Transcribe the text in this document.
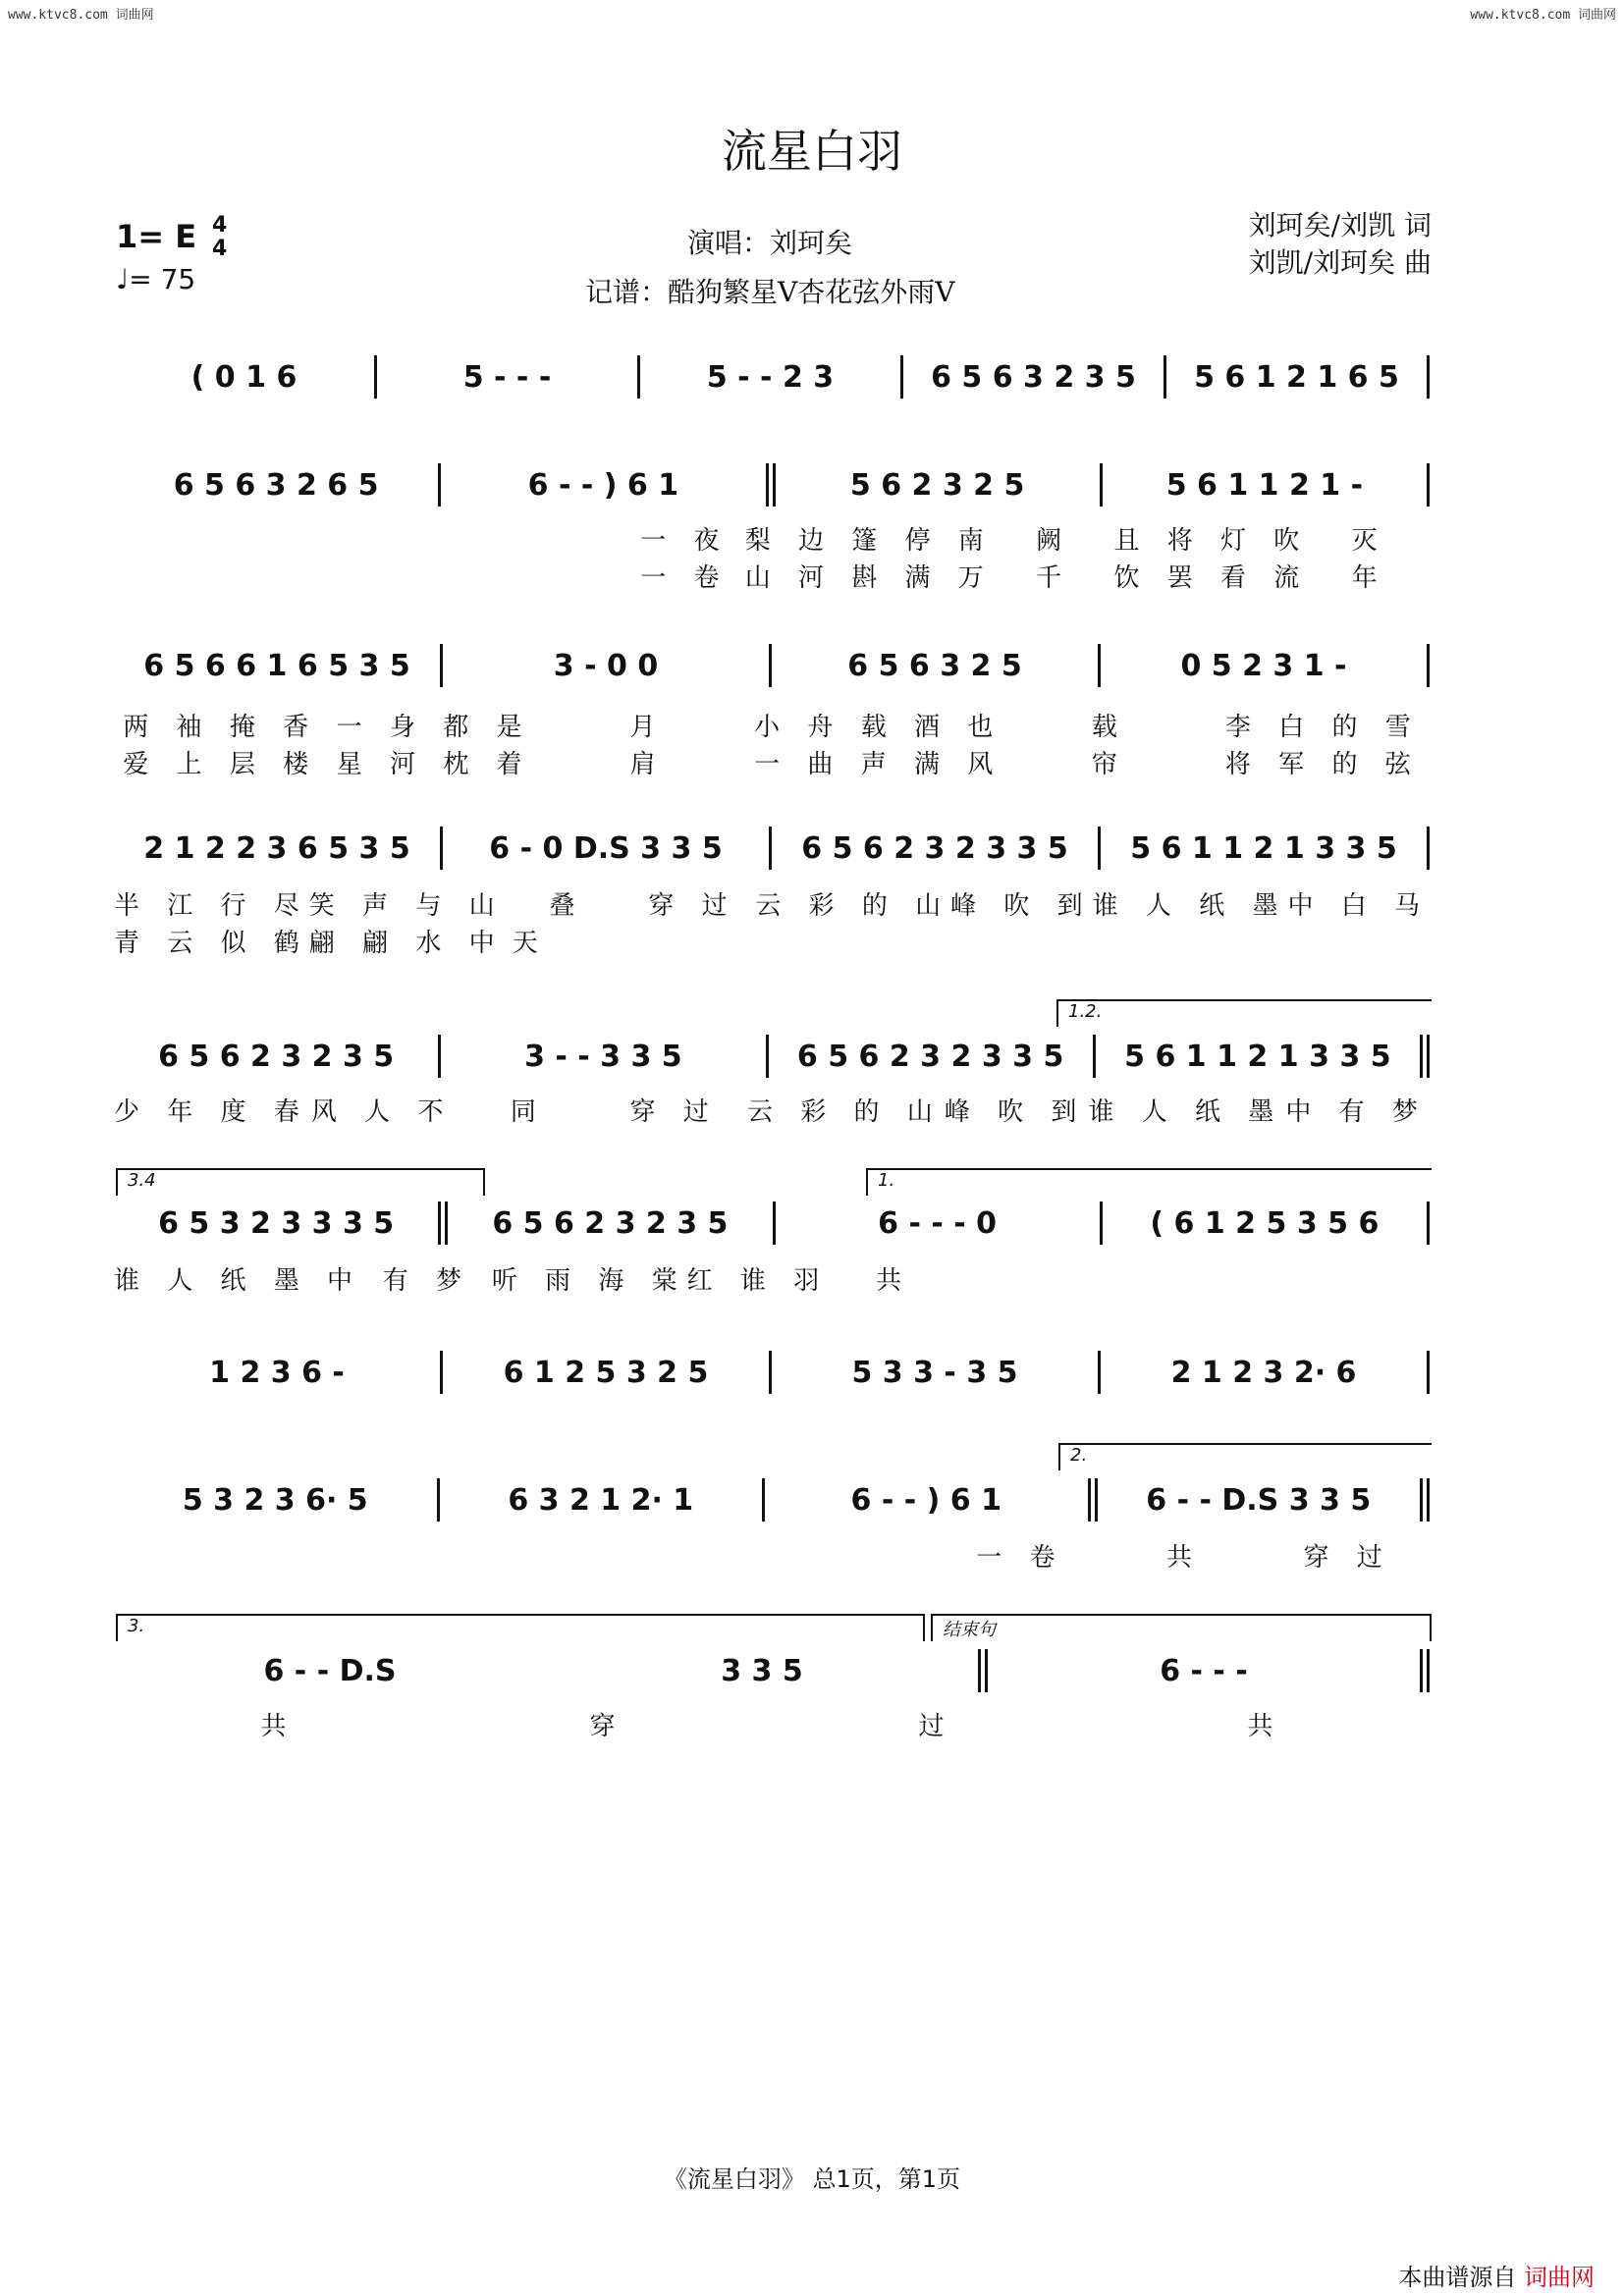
www.ktvc8.com 词曲网	www.ktvc8.com 词曲网
流星白羽
1= E 4
4
♩= 75
演唱：刘珂矣
记谱：酷狗繁星V杏花弦外雨V
刘珂矣/刘凯 词
刘凯/刘珂矣 曲
( 0 1 6	5 - - -	5 - - 2 3	6 5 6 3 2 3 5	5 6 1 2 1 6 5
6 5 6 3 2 6 5	6 - - ) 6 1	5 6 2 3 2 5	5 6 1 1 2 1 -
一 夜 梨 边 篷 停 南	阙	且 将 灯 吹	灭
一 卷 山 河 斟 满 万	千	饮 罢 看 流	年
6 5 6 6 1 6 5 3 5	3 - 0 0	6 5 6 3 2 5	0 5 2 3 1 -
两 袖 掩 香 一 身 都 是	月	小 舟 载 酒 也	载	李 白 的 雪
爱 上 层 楼 星 河 枕 着	肩	一 曲 声 满 风	帘	将 军 的 弦
2 1 2 2 3 6 5 3 5	6 - 0 D.S 3 3 5	6 5 6 2 3 2 3 3 5	5 6 1 1 2 1 3 3 5
半 江 行 尽 笑 声 与 山	叠	穿 过 云 彩 的 山 峰 吹 到 谁 人 纸 墨 中 白 马
青 云 似 鹤 翩 翩 水 中 天
1.2.
6 5 6 2 3 2 3 5	3 - - 3 3 5	6 5 6 2 3 2 3 3 5	5 6 1 1 2 1 3 3 5
少 年 度 春 风 人 不	同	穿 过	云 彩 的 山 峰 吹 到 谁 人 纸 墨 中 有 梦
3.4	1.
6 5 3 2 3 3 3 5	6 5 6 2 3 2 3 5	6 - - - 0	( 6 1 2 5 3 5 6
谁 人 纸 墨 中 有 梦 听 雨 海 棠 红 谁 羽	共
1 2 3 6 -	6 1 2 5 3 2 5	5 3 3 - 3 5	2 1 2 3 2· 6
2.
5 3 2 3 6· 5	6 3 2 1 2· 1	6 - - ) 6 1	6 - - D.S 3 3 5
一 卷	共	穿 过
3.	结束句
6 - - D.S	3 3 5	6 - - -
共	穿	过	共
《流星白羽》 总1页，第1页
本曲谱源自 词曲网
